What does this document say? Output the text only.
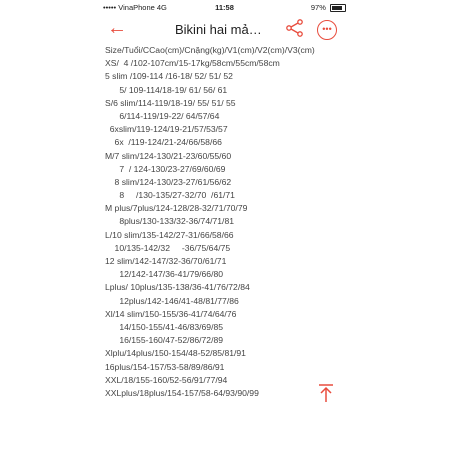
••••• VinaPhone 4G	11:58	97%
←	Bikini hai mả…	•••
Size/Tuổi/CCao(cm)/Cnặng(kg)/V1(cm)/V2(cm)/V3(cm)
XS/  4 /102-107cm/15-17kg/58cm/55cm/58cm
5 slim /109-114 /16-18/ 52/ 51/ 52
5/ 109-114/18-19/ 61/ 56/ 61
S/6 slim/114-119/18-19/ 55/ 51/ 55
6/114-119/19-22/ 64/57/64
6xslim/119-124/19-21/57/53/57
6x  /119-124/21-24/66/58/66
M/7 slim/124-130/21-23/60/55/60
7  / 124-130/23-27/69/60/69
8 slim/124-130/23-27/61/56/62
8     /130-135/27-32/70  /61/71
M plus/7plus/124-128/28-32/71/70/79
8plus/130-133/32-36/74/71/81
L/10 slim/135-142/27-31/66/58/66
10/135-142/32     -36/75/64/75
12 slim/142-147/32-36/70/61/71
12/142-147/36-41/79/66/80
Lplus/ 10plus/135-138/36-41/76/72/84
12plus/142-146/41-48/81/77/86
Xl/14 slim/150-155/36-41/74/64/76
14/150-155/41-46/83/69/85
16/155-160/47-52/86/72/89
Xlplu/14plus/150-154/48-52/85/81/91
16plus/154-157/53-58/89/86/91
XXL/18/155-160/52-56/91/77/94
XXLplus/18plus/154-157/58-64/93/90/99
